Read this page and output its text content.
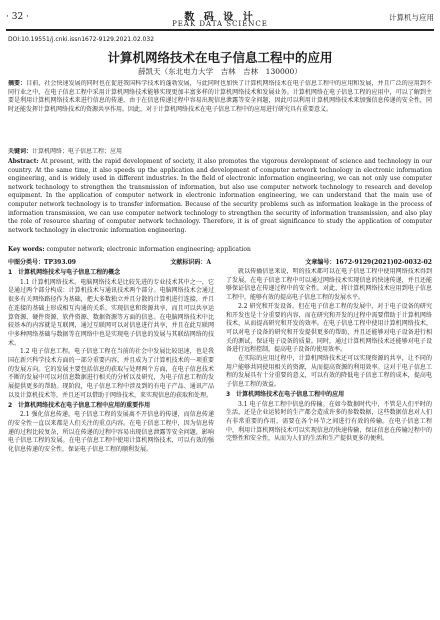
· 32 ·	数 码 设 计
PEAK DATA SCIENCE
计算机与应用
DOI:10.19551/j.cnki.issn1672-9129.2021.02.032
计算机网络技术在电子信息工程中的应用
薛凯天（东北电力大学　吉林　吉林　130000）
摘要：目前，社会快速发展的同时也在促进我国科学技术的蓬勃发展，与此同时也加快了计算机网络技术在电子信息工程中的应用和发展，并且广泛的应用到不同行业之中，在电子信息工程中采用计算机网络技术能够实现更加丰富多样的计算机网络技术和发展业务。计算机网络在电子信息工程的应用中，可以了解到主要是利用计算机网络技术来进行信息的传递，由于在信息传递过程中容易出现信息泄露等安全问题，因此可以利用计算机网络技术来加强信息传递的安全性，同时还能发挥计算机网络技术的资源共享作用。因此，对于计算机网络技术在电子信息工程中的应用进行研究具有重要意义。
关键词：计算机网络；电子信息工程；应用
Abstract: At present, with the rapid development of society, it also promotes the vigorous development of science and technology in our country. At the same time, it also speeds up the application and development of computer network technology in electronic information engineering, and is widely used in different industries. In the field of electronic information engineering, we can not only use computer network technology to strengthen the transmission of information, but also use computer network technology to research and develop equipment. In the application of computer network in electronic information engineering, we can understand that the main use of computer network technology is to transfer information. Because of the security problems such as information leakage in the process of information transmission, we can use computer network technology to strengthen the security of information transmission, and also play the role of resource sharing of computer network technology. Therefore, it is of great significance to study the application of computer network technology in electronic information engineering.
Key words: computer network; electronic information engineering; application
中图分类号：TP393.09	文献标识码：A	文章编号：1672-9129(2021)02-0032-02
1　计算机网络技术与电子信息工程的概念
1.1 计算机网络技术。电脑网络技术是比较先进的专业技术其中之一，它是通过两个部分构成：计算机技术与通讯技术两个部分。电脑网络技术会通过很多有关网络路径作为基础，把大多数独立并且分散的计算机进行连接，并且在连接的基础上形成相互沟通的关系，实现信息和资源共享，而且可以共享运算资源、硬件资源、软件资源、数据资源等方面的信息。在电脑网络技术中比较基本的内容就是互联网，通过互联网可以对信息进行共享，并且在此互联网中多种网络基础与数据等在网络中也是实现电子信息的发展与其联结网络的技术。
1.2 电子信息工程。电子信息工程在当前的社会中发展比较迅速，也是我国在新兴科学技术方面的一部分重要内容，并且成为了计算机技术的一项重要的发展方向。它的发展主要包括信息的获取与处理两个方面，在电子信息技术不断的发展中可以对信息数据进行相关的分析以及研究，为电子信息工程的发展提供更多的帮助。现阶段，电子信息工程中涉及到的有电子产品、通讯产品以及计算机技术等，并且还可以借助于网络技术，来实现信息的获取和处理。
2　计算机网络技术在电子信息工程中应用的重要作用
2.1 强化信息传递。电子信息工程的发展离不开信息的传递，而信息传递的安全性一直以来都是人们关注的重点内容。在电子信息工程中，因为信息传递的过程比较复杂，所以在传递的过程中容易出现信息泄露等安全问题，影响电子信息工程的发展。在电子信息工程中使用计算机网络技术，可以有效的强化信息传递的安全性，保证电子信息工程的顺利发展。
就以传播信息来说，明的技术都可以在电子信息工程中使用网络技术得到了发展，在电子信息工程中可以通过网络技术实现信息的快速传递，并且还能够保证信息在传递过程中的安全性。对此，将计算机网络技术应用到电子信息工程中，能够有效的提高电子信息工程的发展水平。
2.2 研究和开发设备。但在电子信息工程的发展中，对于电子设备的研究和开发也是十分重要的内容，而在研究和开发的过程中需要借助于计算机网络技术，从而提高研究和开发的效率。在电子信息工程中使用计算机网络技术，可以对电子设备的研究和开发提供更多的帮助，并且还能够对电子设备进行相关的测试，保证电子设备的质量。同时，通过计算机网络技术还能够对电子设备进行远程控制，提高电子设备的使用效率。
在实际的应用过程中，计算机网络技术还可以实现资源的共享，让不同的用户能够共同使用相关的资源，从而提高资源的利用效率。这对于电子信息工程的发展具有十分重要的意义，可以有效的降低电子信息工程的成本，提高电子信息工程的效益。
3　计算机网络技术在电子信息工程中的应用
3.1 电子信息工程中信息的传输。在如今数据时代中，不管是人们平时的生活，还是企业运转时的生产都会造成许多的参数数据，这些数据信息对人们有非常重要的作用，需要在各个环节之间进行有效的传输。在电子信息工程中，利用计算机网络技术可以实现信息的快速传输，保证信息在传输过程中的完整性和安全性，从而为人们的生活和生产提供更多的便利。
